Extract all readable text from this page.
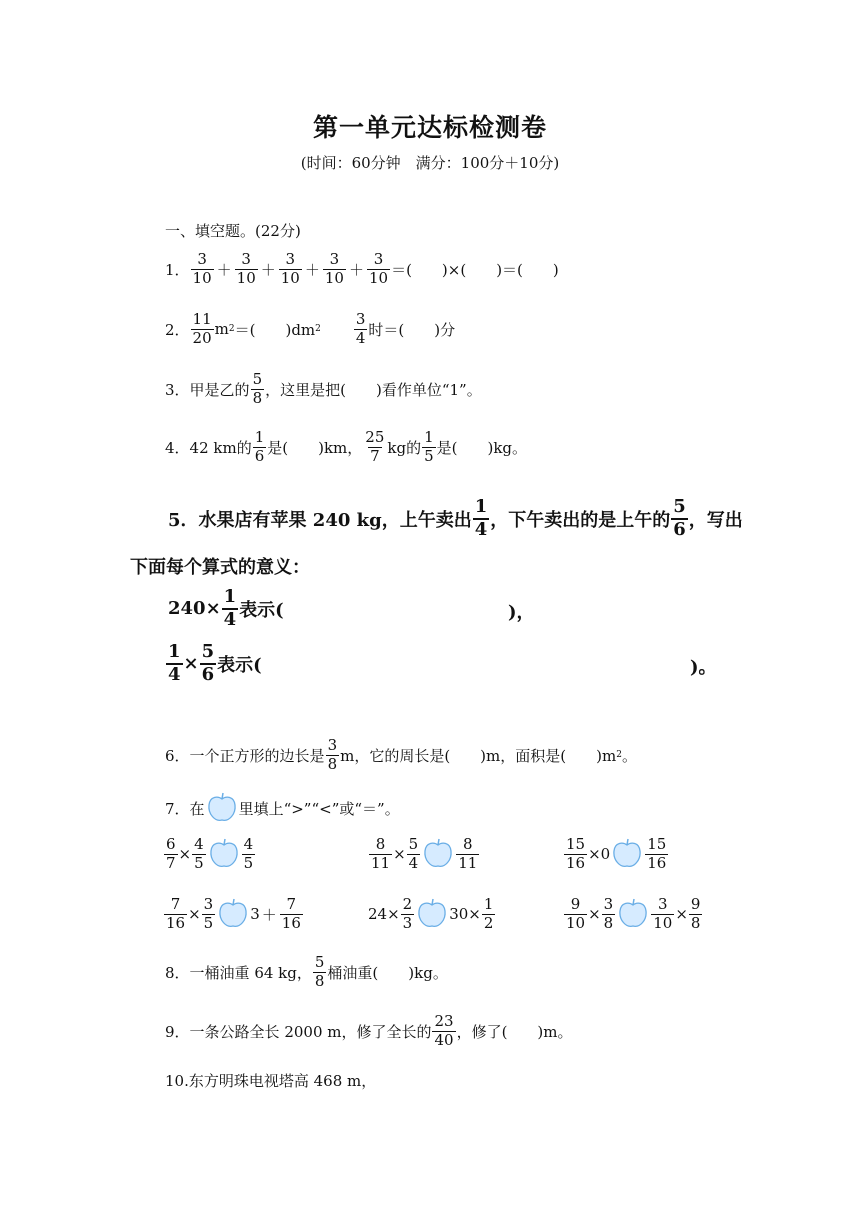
第一单元达标检测卷
(时间：60分钟　满分：100分＋10分)
一、填空题。(22分)
1． $\frac{3}{10} + \frac{3}{10} + \frac{3}{10} + \frac{3}{10} + \frac{3}{10}$ ＝(　　)×(　　)＝(　　)
2． $\frac{11}{20}$ m 2 ＝(　　)dm $2 \frac{3}{4}$ 时＝(　　)分
3． 甲是乙的 $\frac{5}{8}$ ，这里是把(　　)看作单位“1”。
4． 42 km的 $\frac{1}{6}$ 是(　　)km， $\frac{25}{7}$ kg的 $\frac{1}{5}$ 是(　　)kg。
5． 水果店有苹果 240 kg，上午卖出 $\frac{1}{4}$ ，下午卖出的是上午的 $\frac{5}{6}$ ，写出
下面每个算式的意义：
$240\times \frac{1}{4}$ 表示(	)，
$\frac{1}{4} \times \frac{5}{6}$ 表示(	)。
6． 一个正方形的边长是 $\frac{3}{8}$ m，它的周长是(　　)m，面积是(　　)m 2 。
7． 在 里填上“>”“<”或“＝”。
$\frac{6}{7} \times \frac{4}{5} \frac{4}{5}$	$\frac{8}{11} \times \frac{5}{4} \frac{8}{11}$	$\frac{15}{16} \times 0 \frac{15}{16}$
$\frac{7}{16} \times \frac{3}{5} 3 + \frac{7}{16}$	$24\times \frac{2}{3} 30\times \frac{1}{2}$	$\frac{9}{10} \times \frac{3}{8} \frac{3}{10} \times \frac{9}{8}$
8． 一桶油重 64 kg， $\frac{5}{8}$ 桶油重(　　)kg。
9． 一条公路全长 2000 m，修了全长的 $\frac{23}{40}$ ，修了(　　)m。
10. 东方明珠电视塔高 468 m，
